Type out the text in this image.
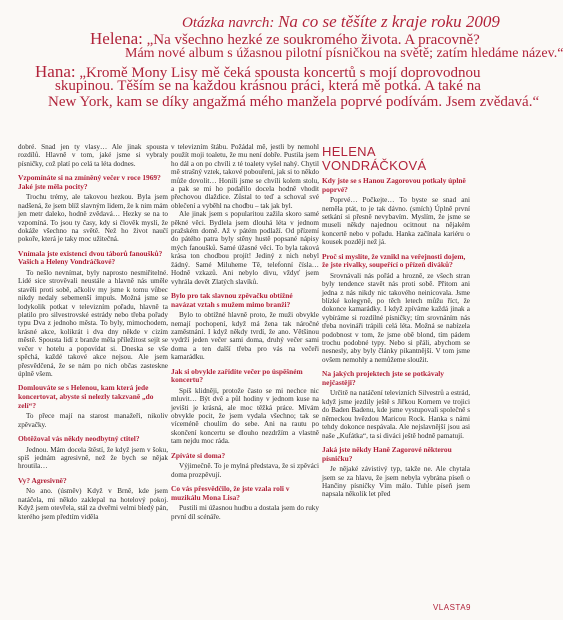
Otázka navrch: Na co se těšíte z kraje roku 2009
Helena: „Na všechno hezké ze soukromého života. A pracovně?
Mám nové album s úžasnou pilotní písničkou na světě; zatím hledáme název.“
Hana: „Kromě Mony Lisy mě čeká spousta koncertů s mojí doprovodnou
skupinou. Těším se na každou krásnou práci, která mě potká. A také na
New York, kam se díky angažmá mého manžela poprvé podívám. Jsem zvědavá.“

dobré. Snad jen ty vlasy… Ale jinak spousta rozdílů. Hlavně v tom, jaké jsme si vybraly písničky, což platí po celá ta léta dodnes.

Vzpomínáte si na zmíněný večer v roce 1969? Jaké jste měla pocity?

Trochu trémy, ale takovou hezkou. Byla jsem nadšená, že jsem blíž slavným lidem, že k nim mám jen metr daleko, hodně zvědavá… Hezky se na to vzpomíná. To jsou ty časy, kdy si člověk myslí, že dokáže všechno na světě. Než ho život naučí pokoře, která je taky moc užitečná.

Vnímala jste existenci dvou táborů fanoušků? Vašich a Heleny Vondráčkové?

To nešlo nevnímat, byly naprosto nesmiřitelné. Lidé sice strověvali neustále a hlavně nás uměle stavěli proti sobě, ačkoliv my jsme k tomu vůbec nikdy nedaly sebemenší impuls. Možná jsme se lodykolik potkat v televizním pořadu, hlavně ta platilo pro silvestrovské estrády nebo třeba pořady typu Dva z jednoho města. To byly, mimochodem, krásné akce, kolikrát i dva dny někde v cizím městě. Spousta lidí z branže měla příležitost sejít se večer v hotelu a popovídat si. Dneska se vše spěchá, každé takové akce nejsou. Ale jsem přesvědčená, že se nám po nich občas zastesknе úplně všem.

Domlouváte se s Helenou, kam která jede koncertovat, abyste si nelezly takzvaně „do zelí“?

To přece mají na starost manažeři, nikoliv zpěvačky.

Obtěžoval vás někdy neodbytný ctitel?

Jednou. Mám docela štěstí, že když jsem v šoku, spíš jednám agresivně, než že bych se nějak hroutila…

Vy? Agresivně?

No ano. (úsměv) Když v Brně, kde jsem natáčela, mi někdo zaklepal na hotelový pokoj. Když jsem otevřela, stál za dveřmi velmi bledý pán, kterého jsem předtím viděla

v televizním štábu. Požádal mě, jestli by nemohl použít moji toaletu, že mu není dobře. Pustila jsem ho dál a on po chvíli z té toalety vyšel nahý. Chytil mě strašný vztek, takové pobouření, jak si to někdo může dovolit… Honili jsme se chvíli kolem stolu, a pak se mi ho podařilo docela hodně vhodit přechovou dlaždice. Zůstal to teď a schoval své oblečení a vyběhl na chodbu – tak jak byl.

Ale jinak jsem s popularitou zažila skoro samé pěkné věci. Bydlela jsem dlouhá léta v jednom pražském domě. Až v pátém podlaží. Od přízemí do pátého patra byly stěny hustě popsané nápisy mých fanoušků. Samé úžasné věci. To byla taková krása ton chodbou projít! Jediný z nich nebyl žádný. Samé Miluheme Tě, telefonní čísla… Hodně vzkazů. Ani nebylo divu, vždyť jsem vyhrála devět Zlatých slavíků.

Bylo pro tak slavnou zpěvačku obtížné navázat vztah s mužem mimo branži?

Bylo to obtížné hlavně proto, že muži obvykle nemají pochopení, když má žena tak náročné zaměstnání. I když někdy tvrdí, že ano. Většinou vydrží jeden večer sami doma, druhý večer sami doma a ten další třeba pro vás na večeři kamarádku.

Jak si obvykle zařídíte večer po úspěšném koncertu?

Spíš klidněji, protože často se mi nechce nic mluvit… Být dvě a půl hodiny v jednom kuse na jevišti je krásná, ale moc těžká práce. Mívám obvykle pocit, že jsem vydala všechno; tak se víceméně choulím do sebe. Ani na rautu po skončení koncertu se dlouho nezdržím a vlastně tam nejdu moc ráda.

Zpíváte si doma?

Výjimečně. To je mylná představa, že si zpěváci doma prozpěvují.

Co vás přesvědčilo, že jste vzala roli v muzikálu Mona Lisa?

Pustili mi úžasnou hudbu a dostala jsem do ruky první díl scénáře.

HELENA VONDRÁČKOVÁ
Kdy jste se s Hanou Zagorovou potkaly úplně poprvé?

Poprvé… Počkejte… To byste se snad ani neměla ptát, to je tak dávno. (smích) Úplně první setkání si přesně nevybavím. Myslím, že jsme se museli někdy najednou ocitnout na nějakém koncertě nebo v pořadu. Hanka začínala kariéru o kousek později než já.

Proč si myslíte, že vznikl na veřejnosti dojem, že jste rivalky, soupeřící o přízeň diváků?

Srovnávali nás pořád a hrozně, ze všech stran byly tendence stavět nás proti sobě. Přitom ani jedna z nás nikdy nic takového neinicovala. Jsme blízké kolegyně, po těch letech můžu říct, že dokonce kamarádky. I když zpíváme každá jinak a vybíráme si rozdílné písničky; tím srovnáním nás třeba novináři trápili celá léta. Možná se nabízela podobnost v tom, že jsme obě blond, tím pádem trochu podobné typy. Nebo si přáli, abychom se nesnesly, aby byly články pikantnější. V tom jsme ovšem nemohly a nemůžeme sloužit.

Na jakých projektech jste se potkávaly nejčastěji?

Určitě na natáčení televizních Silvestrů a estrád, když jsme jezdily ještě s Jiřkou Kornem ve trojici do Baden Badenu, kde jsme vystupovali společně s německou hvězdou Maricou Rock. Hanka s námi tehdy dokonce nespávala. Ale nejslavnější jsou asi naše „Kufátka“, ta si diváci ještě hodně pamatují.

Jaká jste někdy Haně Zagorové některou písničku?

Je nějaké závistivý typ, takže ne. Ale chytala jsem se za hlavu, že jsem nebyla vybrána píseň o Hančiny písničky Vím málo. Tuhle píseň jsem napsala několik let před

VLASTA9
